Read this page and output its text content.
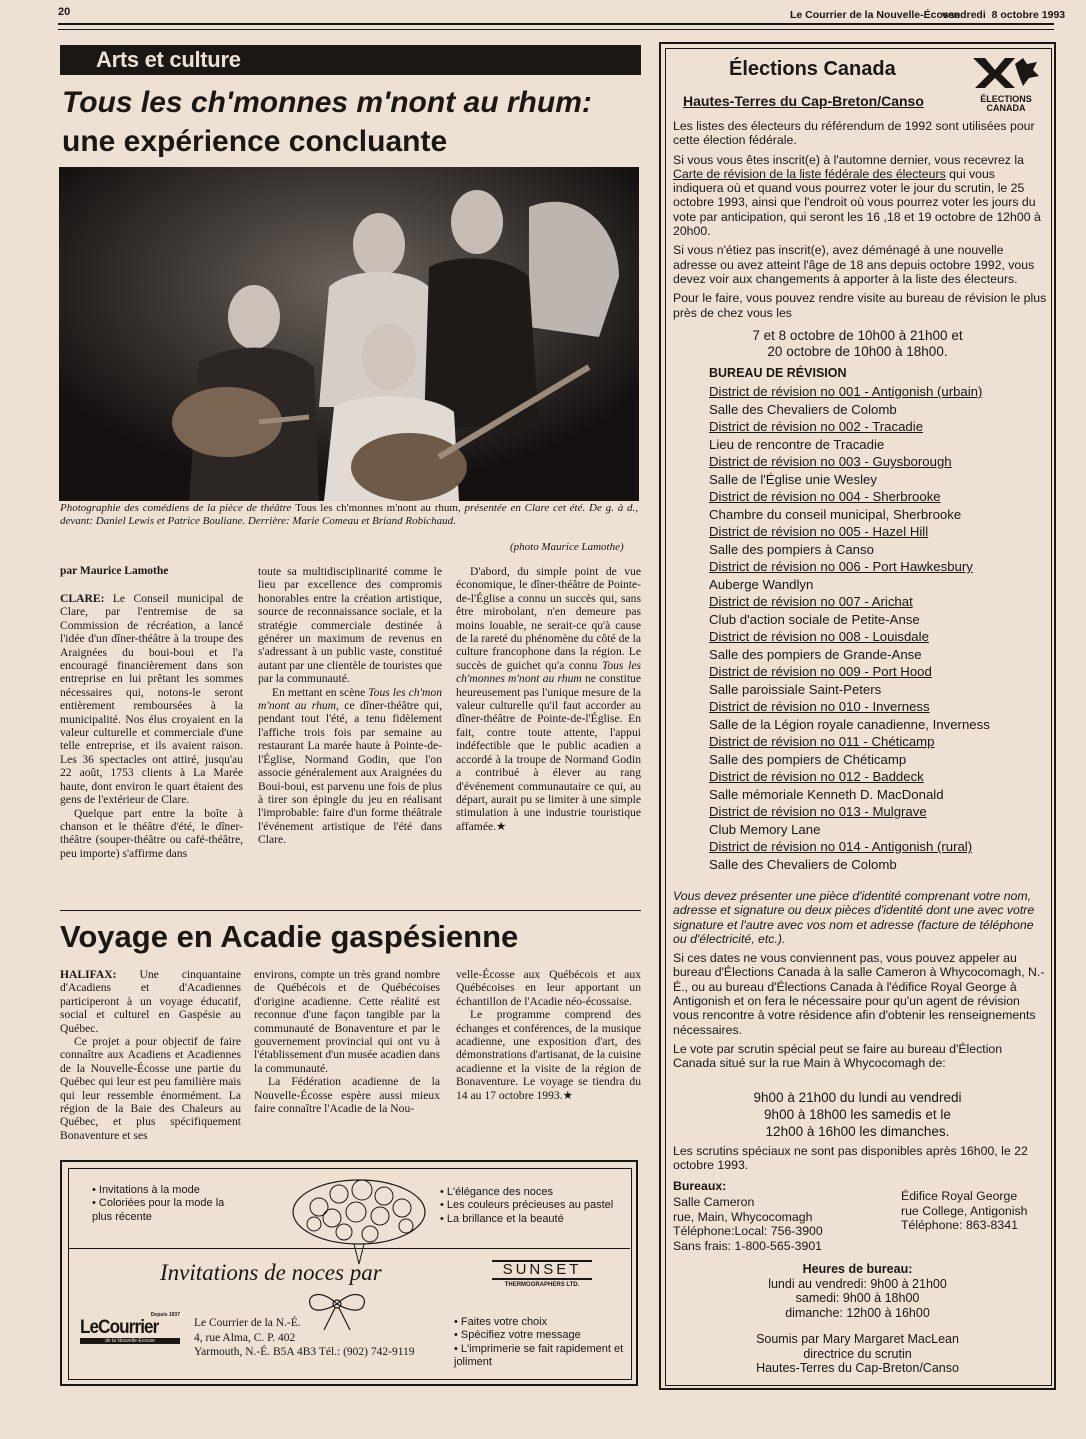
20	Le Courrier de la Nouvelle-Écosse
vendredi  8 octobre 1993
Arts et culture
Tous les ch'monnes m'nont au rhum:
une expérience concluante
Photographie des comédiens de la pièce de théâtre Tous les ch'monnes m'nont au rhum, présentée en Clare cet été. De g. à d., devant: Daniel Lewis et Patrice Bouliane. Derrière: Marie Comeau et Briand Robichaud.
(photo Maurice Lamothe)
par Maurice Lamothe

CLARE: Le Conseil municipal de Clare, par l'entremise de sa Commission de récréation, a lancé l'idée d'un dîner-théâtre à la troupe des Araignées du boui-boui et l'a encouragé financièrement dans son entreprise en lui prêtant les sommes nécessaires qui, notons-le seront entièrement remboursées à la municipalité. Nos élus croyaient en la valeur culturelle et commerciale d'une telle entreprise, et ils avaient raison. Les 36 spectacles ont attiré, jusqu'au 22 août, 1753 clients à La Marée haute, dont environ le quart étaient des gens de l'extérieur de Clare.

Quelque part entre la boîte à chanson et le théâtre d'été, le dîner-théâtre (souper-théâtre ou café-théâtre, peu importe) s'affirme dans

toute sa multidisciplinarité comme le lieu par excellence des compromis honorables entre la création artistique, source de reconnaissance sociale, et la stratégie commerciale destinée à générer un maximum de revenus en s'adressant à un public vaste, constitué autant par une clientèle de touristes que par la communauté.

En mettant en scène Tous les ch'mon m'nont au rhum, ce dîner-théâtre qui, pendant tout l'été, a tenu fidèlement l'affiche trois fois par semaine au restaurant La marée haute à Pointe-de-l'Église, Normand Godin, que l'on associe généralement aux Araignées du Boui-boui, est parvenu une fois de plus à tirer son épingle du jeu en réalisant l'improbable: faire d'un forme théâtrale l'événement artistique de l'été dans Clare.

D'abord, du simple point de vue économique, le dîner-théâtre de Pointe-de-l'Église a connu un succès qui, sans être mirobolant, n'en demeure pas moins louable, ne serait-ce qu'à cause de la rareté du phénomène du côté de la culture francophone dans la région. Le succès de guichet qu'a connu Tous les ch'monnes m'nont au rhum ne constitue heureusement pas l'unique mesure de la valeur culturelle qu'il faut accorder au dîner-théâtre de Pointe-de-l'Église. En fait, contre toute attente, l'appui indéfectible que le public acadien a accordé à la troupe de Normand Godin a contribué à élever au rang d'événement communautaire ce qui, au départ, aurait pu se limiter à une simple stimulation à une industrie touristique affamée.★

Voyage en Acadie gaspésienne

HALIFAX: Une cinquantaine d'Acadiens et d'Acadiennes participeront à un voyage éducatif, social et culturel en Gaspésie au Québec.

Ce projet a pour objectif de faire connaître aux Acadiens et Acadiennes de la Nouvelle-Écosse une partie du Québec qui leur est peu familière mais qui leur ressemble énormément. La région de la Baie des Chaleurs au Québec, et plus spécifiquement Bonaventure et ses

environs, compte un très grand nombre de Québécois et de Québécoises d'origine acadienne. Cette réalité est reconnue d'une façon tangible par la communauté de Bonaventure et par le gouvernement provincial qui ont vu à l'établissement d'un musée acadien dans la communauté.

La Fédération acadienne de la Nouvelle-Écosse espère aussi mieux faire connaître l'Acadie de la Nou-

velle-Écosse aux Québécois et aux Québécoises en leur apportant un échantillon de l'Acadie néo-écossaise.

Le programme comprend des échanges et conférences, de la musique acadienne, une exposition d'art, des démonstrations d'artisanat, de la cuisine acadienne et la visite de la région de Bonaventure. Le voyage se tiendra du 14 au 17 octobre 1993.★

• Invitations à la mode
• Coloriées pour la mode la plus récente
• L'élégance des noces
• Les couleurs précieuses au pastel
• La brillance et la beauté
Invitations de noces par	SUNSET
THERMOGRAPHERS LTD.
Depuis 1937
LeCourrier
de la Nouvelle-Écosse
Le Courrier de la N.-É.
4, rue Alma, C. P. 402
Yarmouth, N.-É. B5A 4B3 Tél.: (902) 742-9119
• Faites votre choix
• Spécifiez votre message
• L'imprimerie se fait rapidement et joliment
Élections Canada
ÉLECTIONS
CANADA
Hautes-Terres du Cap-Breton/Canso

Les listes des électeurs du référendum de 1992 sont utilisées pour cette élection fédérale.

Si vous vous êtes inscrit(e) à l'automne dernier, vous recevrez la Carte de révision de la liste fédérale des électeurs qui vous indiquera où et quand vous pourrez voter le jour du scrutin, le 25 octobre 1993, ainsi que l'endroit où vous pourrez voter les jours du vote par anticipation, qui seront les 16 ,18 et 19 octobre de 12h00 à 20h00.

Si vous n'étiez pas inscrit(e), avez déménagé à une nouvelle adresse ou avez atteint l'âge de 18 ans depuis octobre 1992, vous devez voir aux changements à apporter à la liste des électeurs.

Pour le faire, vous pouvez rendre visite au bureau de révision le plus près de chez vous les

7 et 8 octobre de 10h00 à 21h00 et
20 octobre de 10h00 à 18h00.
BUREAU DE RÉVISION
District de révision no 001 - Antigonish (urbain)
Salle des Chevaliers de Colomb
District de révision no 002 - Tracadie
Lieu de rencontre de Tracadie
District de révision no 003 - Guysborough
Salle de l'Église unie Wesley
District de révision no 004 - Sherbrooke
Chambre du conseil municipal, Sherbrooke
District de révision no 005 - Hazel Hill
Salle des pompiers à Canso
District de révision no 006 - Port Hawkesbury
Auberge Wandlyn
District de révision no 007 - Arichat
Club d'action sociale de Petite-Anse
District de révision no 008 - Louisdale
Salle des pompiers de Grande-Anse
District de révision no 009 - Port Hood
Salle paroissiale Saint-Peters
District de révision no 010 - Inverness
Salle de la Légion royale canadienne, Inverness
District de révision no 011 - Chéticamp
Salle des pompiers de Chéticamp
District de révision no 012 - Baddeck
Salle mémoriale Kenneth D. MacDonald
District de révision no 013 - Mulgrave
Club Memory Lane
District de révision no 014 - Antigonish (rural)
Salle des Chevaliers de Colomb

Vous devez présenter une pièce d'identité comprenant votre nom, adresse et signature ou deux pièces d'identité dont une avec votre signature et l'autre avec vos nom et adresse (facture de téléphone ou d'électricité, etc.).

Si ces dates ne vous conviennent pas, vous pouvez appeler au bureau d'Élections Canada à la salle Cameron à Whycocomagh, N.-É., ou au bureau d'Élections Canada à l'édifice Royal George à Antigonish et on fera le nécessaire pour qu'un agent de révision vous rencontre à votre résidence afin d'obtenir les renseignements nécessaires.

Le vote par scrutin spécial peut se faire au bureau d'Élection Canada situé sur la rue Main à Whycocomagh de:

9h00 à 21h00 du lundi au vendredi
9h00 à 18h00 les samedis et le
12h00 à 16h00 les dimanches.

Les scrutins spéciaux ne sont pas disponibles après 16h00, le 22 octobre 1993.

Bureaux:
Salle Cameron
rue, Main, Whycocomagh
Téléphone:Local: 756-3900
Sans frais: 1-800-565-3901
Édifice Royal George
rue College, Antigonish
Téléphone: 863-8341
Heures de bureau:
lundi au vendredi: 9h00 à 21h00
samedi: 9h00 à 18h00
dimanche: 12h00 à 16h00
Soumis par Mary Margaret MacLean
directrice du scrutin
Hautes-Terres du Cap-Breton/Canso
